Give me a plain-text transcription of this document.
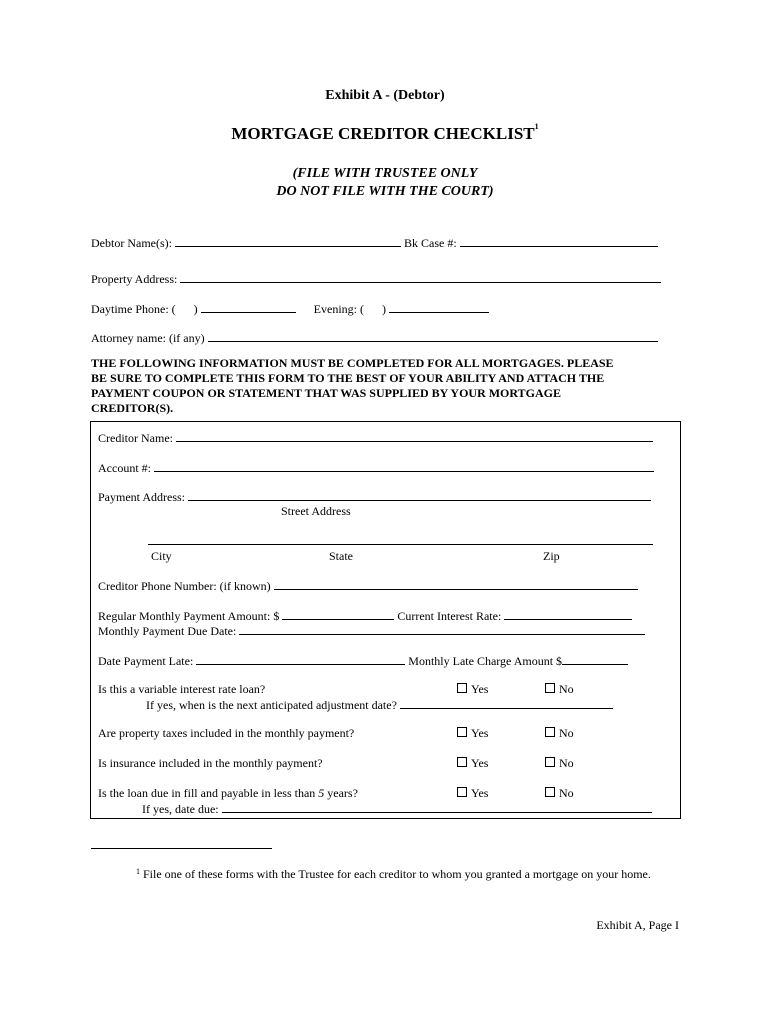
Exhibit A - (Debtor)
MORTGAGE CREDITOR CHECKLIST$^1$
(FILE WITH TRUSTEE ONLY
DO NOT FILE WITH THE COURT)
Debtor Name(s):	Bk Case #:
Property Address:
Daytime Phone: (      )	Evening: (      )
Attorney name: (if any)
THE FOLLOWING INFORMATION MUST BE COMPLETED FOR ALL MORTGAGES. PLEASE
BE SURE TO COMPLETE THIS FORM TO THE BEST OF YOUR ABILITY AND ATTACH THE
PAYMENT COUPON OR STATEMENT THAT WAS SUPPLIED BY YOUR MORTGAGE
CREDITOR(S).
Creditor Name:
Account #:
Payment Address:
Street Address
City	State	Zip
Creditor Phone Number: (if known)
Regular Monthly Payment Amount: $	Current Interest Rate:
Monthly Payment Due Date:
Date Payment Late:	Monthly Late Charge Amount $
Is this a variable interest rate loan?	Yes	No
If yes, when is the next anticipated adjustment date?
Are property taxes included in the monthly payment?	Yes	No
Is insurance included in the monthly payment?	Yes	No
Is the loan due in fill and payable in less than 5 years?	Yes	No
If yes, date due:
$^1$ File one of these forms with the Trustee for each creditor to whom you granted a mortgage on your home.
Exhibit A, Page I
